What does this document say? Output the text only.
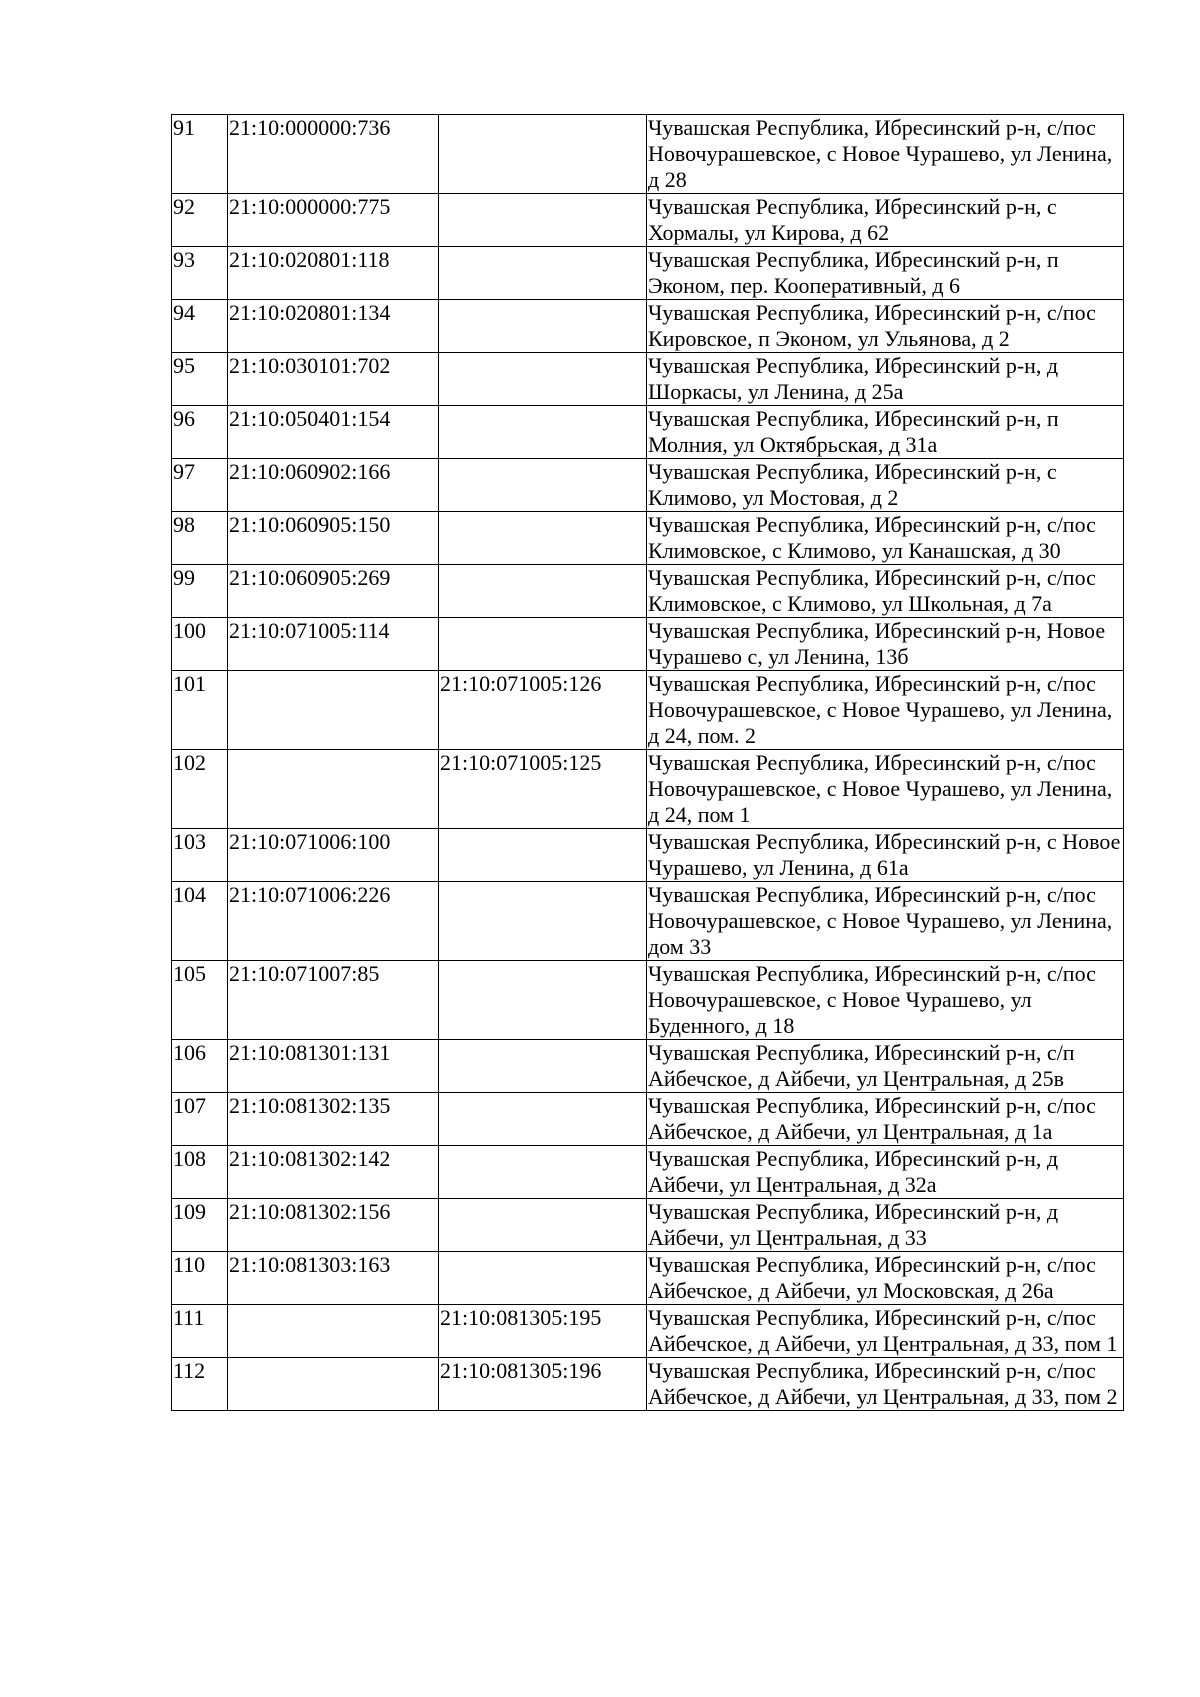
91	21:10:000000:736		Чувашская Республика, Ибресинский р-н, с/пос Новочурашевское, с Новое Чурашево, ул Ленина, д 28
92	21:10:000000:775		Чувашская Республика, Ибресинский р-н, с Хормалы, ул Кирова, д 62
93	21:10:020801:118		Чувашская Республика, Ибресинский р-н, п Эконом, пер. Кооперативный, д 6
94	21:10:020801:134		Чувашская Республика, Ибресинский р-н, с/пос Кировское, п Эконом, ул Ульянова, д 2
95	21:10:030101:702		Чувашская Республика, Ибресинский р-н, д Шоркасы, ул Ленина, д 25а
96	21:10:050401:154		Чувашская Республика, Ибресинский р-н, п Молния, ул Октябрьская, д 31а
97	21:10:060902:166		Чувашская Республика, Ибресинский р-н, с Климово, ул Мостовая, д 2
98	21:10:060905:150		Чувашская Республика, Ибресинский р-н, с/пос Климовское, с Климово, ул Канашская, д 30
99	21:10:060905:269		Чувашская Республика, Ибресинский р-н, с/пос Климовское, с Климово, ул Школьная, д 7а
100	21:10:071005:114		Чувашская Республика, Ибресинский р-н, Новое Чурашево с, ул Ленина, 13б
101		21:10:071005:126	Чувашская Республика, Ибресинский р-н, с/пос Новочурашевское, с Новое Чурашево, ул Ленина, д 24, пом. 2
102		21:10:071005:125	Чувашская Республика, Ибресинский р-н, с/пос Новочурашевское, с Новое Чурашево, ул Ленина, д 24, пом 1
103	21:10:071006:100		Чувашская Республика, Ибресинский р-н, с Новое Чурашево, ул Ленина, д 61а
104	21:10:071006:226		Чувашская Республика, Ибресинский р-н, с/пос Новочурашевское, с Новое Чурашево, ул Ленина, дом 33
105	21:10:071007:85		Чувашская Республика, Ибресинский р-н, с/пос Новочурашевское, с Новое Чурашево, ул Буденного, д 18
106	21:10:081301:131		Чувашская Республика, Ибресинский р-н, с/п Айбечское, д Айбечи, ул Центральная, д 25в
107	21:10:081302:135		Чувашская Республика, Ибресинский р-н, с/пос Айбечское, д Айбечи, ул Центральная, д 1а
108	21:10:081302:142		Чувашская Республика, Ибресинский р-н, д Айбечи, ул Центральная, д 32а
109	21:10:081302:156		Чувашская Республика, Ибресинский р-н, д Айбечи, ул Центральная, д 33
110	21:10:081303:163		Чувашская Республика, Ибресинский р-н, с/пос Айбечское, д Айбечи, ул Московская, д 26а
111		21:10:081305:195	Чувашская Республика, Ибресинский р-н, с/пос Айбечское, д Айбечи, ул Центральная, д 33, пом 1
112		21:10:081305:196	Чувашская Республика, Ибресинский р-н, с/пос Айбечское, д Айбечи, ул Центральная, д 33, пом 2
